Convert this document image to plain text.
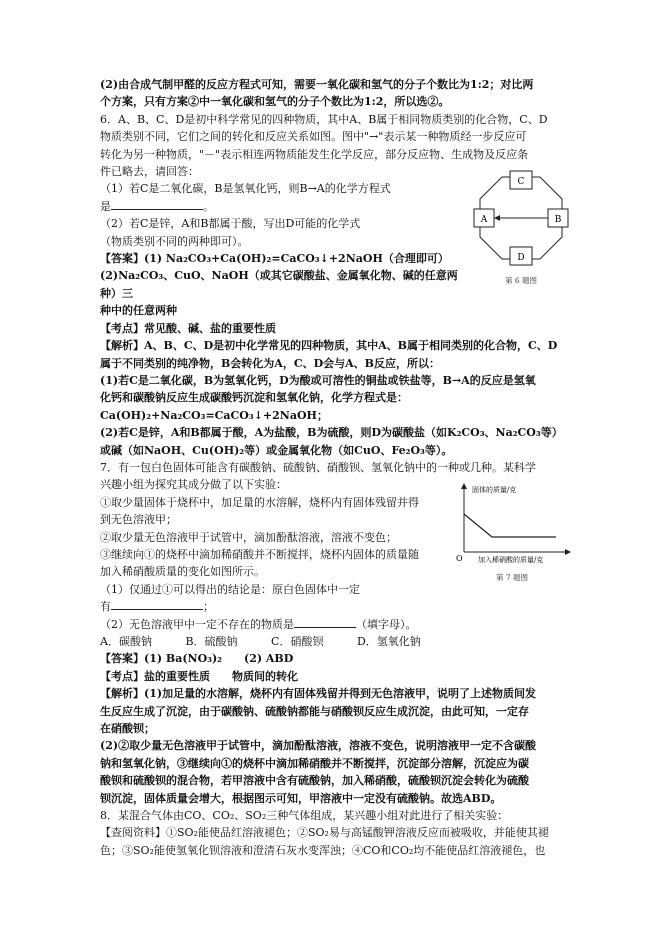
(2)由合成气制甲醛的反应方程式可知，需要一氧化碳和氢气的分子个数比为1:2；对比两

个方案，只有方案②中一氧化碳和氢气的分子个数比为1:2，所以选②。

6．A、B、C、D是初中科学常见的四种物质，其中A、B属于相同物质类别的化合物，C、D

物质类别不同，它们之间的转化和反应关系如图。图中"→"表示某一种物质经一步反应可

转化为另一种物质，"－"表示相连两物质能发生化学反应，部分反应物、生成物及反应条

件已略去，请回答：

（1）若C是二氧化碳，B是氢氧化钙，则B→A的化学方程式

是	。

（2）若C是锌，A和B都属于酸，写出D可能的化学式

（物质类别不同的两种即可）。

【答案】(1) Na₂CO₃+Ca(OH)₂=CaCO₃↓+2NaOH（合理即可）

(2)Na₂CO₃、CuO、NaOH（或其它碳酸盐、金属氧化物、碱的任意两种）三

种中的任意两种

【考点】常见酸、碱、盐的重要性质

【解析】A、B、C、D是初中化学常见的四种物质，其中A、B属于相同类别的化合物，C、D

属于不同类别的纯净物，B会转化为A，C、D会与A、B反应，所以：

(1)若C是二氧化碳，B为氢氧化钙，D为酸或可溶性的铜盐或铁盐等，B→A的反应是氢氧

化钙和碳酸钠反应生成碳酸钙沉淀和氢氧化钠，化学方程式是：

Ca(OH)₂+Na₂CO₃=CaCO₃↓+2NaOH；

(2)若C是锌，A和B都属于酸，A为盐酸，B为硫酸，则D为碳酸盐（如K₂CO₃、Na₂CO₃等）

或碱（如NaOH、Cu(OH)₂等）或金属氧化物（如CuO、Fe₂O₃等）。

7．有一包白色固体可能含有碳酸钠、硫酸钠、硝酸钡、氢氧化钠中的一种或几种。某科学

兴趣小组为探究其成分做了以下实验：

①取少量固体于烧杯中，加足量的水溶解，烧杯内有固体残留并得

到无色溶液甲；

②取少量无色溶液甲于试管中，滴加酚酞溶液，溶液不变色；

③继续向①的烧杯中滴加稀硝酸并不断搅拌，烧杯内固体的质量随

加入稀硝酸质量的变化如图所示。

（1）仅通过①可以得出的结论是：原白色固体中一定

有	；

（2）无色溶液甲中一定不存在的物质是	（填字母）。

A．碳酸钠	B．硫酸钠	C．硝酸钡	D．氢氧化钠

【答案】(1) Ba(NO₃)₂　　(2) ABD

【考点】盐的重要性质　　物质间的转化

【解析】(1)加足量的水溶解，烧杯内有固体残留并得到无色溶液甲，说明了上述物质间发

生反应生成了沉淀，由于碳酸钠、硫酸钠都能与硝酸钡反应生成沉淀，由此可知，一定存

在硝酸钡；

(2)②取少量无色溶液甲于试管中，滴加酚酞溶液，溶液不变色，说明溶液甲一定不含碳酸

钠和氢氧化钠，③继续向①的烧杯中滴加稀硝酸并不断搅拌，沉淀部分溶解，沉淀应为碳

酸钡和硫酸钡的混合物，若甲溶液中含有硫酸钠，加入稀硝酸，硫酸钡沉淀会转化为硫酸

钡沉淀，固体质量会增大，根据图示可知，甲溶液中一定没有硫酸钠。故选ABD。

8．某混合气体由CO、CO₂、SO₂三种气体组成，某兴趣小组对此进行了相关实验：

【查阅资料】①SO₂能使品红溶液褪色；②SO₂易与高锰酸钾溶液反应而被吸收，并能使其褪

色；③SO₂能使氢氧化钡溶液和澄清石灰水变浑浊；④CO和CO₂均不能使品红溶液褪色，也

C
D
A	B
第 6 题图
固体的质量/克
O 加入稀硝酸的质量/克
第 7 题图
